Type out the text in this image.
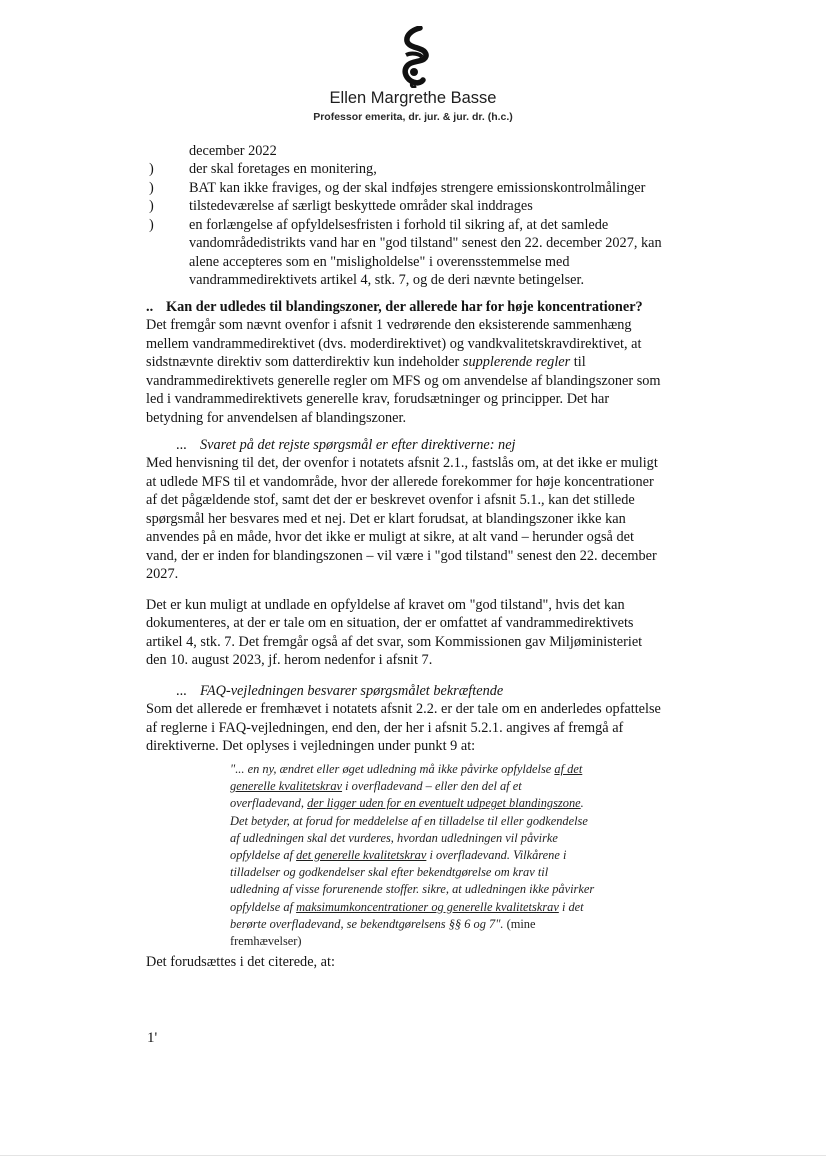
Ellen Margrethe Basse
Professor emerita, dr. jur. & jur. dr. (h.c.)
december 2022
) der skal foretages en monitering,
) BAT kan ikke fraviges, og der skal indføjes strengere emissionskontrolmålinger
) tilstedeværelse af særligt beskyttede områder skal inddrages
) en forlængelse af opfyldelsesfristen i forhold til sikring af, at det samlede
vandområdedistrikts vand har en "god tilstand" senest den 22. december 2027, kan
alene accepteres som en "misligholdelse" i overensstemmelse med
vandrammedirektivets artikel 4, stk. 7, og de deri nævnte betingelser.
.. Kan der udledes til blandingszoner, der allerede har for høje koncentrationer?
Det fremgår som nævnt ovenfor i afsnit 1 vedrørende den eksisterende sammenhæng
mellem vandrammedirektivet (dvs. moderdirektivet) og vandkvalitetskravdirektivet, at
sidstnævnte direktiv som datterdirektiv kun indeholder supplerende regler til
vandrammedirektivets generelle regler om MFS og om anvendelse af blandingszoner som
led i vandrammedirektivets generelle krav, forudsætninger og principper. Det har
betydning for anvendelsen af blandingszoner.
... Svaret på det rejste spørgsmål er efter direktiverne: nej
Med henvisning til det, der ovenfor i notatets afsnit 2.1., fastslås om, at det ikke er muligt
at udlede MFS til et vandområde, hvor der allerede forekommer for høje koncentrationer
af det pågældende stof, samt det der er beskrevet ovenfor i afsnit 5.1., kan det stillede
spørgsmål her besvares med et nej. Det er klart forudsat, at blandingszoner ikke kan
anvendes på en måde, hvor det ikke er muligt at sikre, at alt vand – herunder også det
vand, der er inden for blandingszonen – vil være i "god tilstand" senest den 22. december
2027.
Det er kun muligt at undlade en opfyldelse af kravet om "god tilstand", hvis det kan
dokumenteres, at der er tale om en situation, der er omfattet af vandrammedirektivets
artikel 4, stk. 7. Det fremgår også af det svar, som Kommissionen gav Miljøministeriet
den 10. august 2023, jf. herom nedenfor i afsnit 7.
... FAQ-vejledningen besvarer spørgsmålet bekræftende
Som det allerede er fremhævet i notatets afsnit 2.2. er der tale om en anderledes opfattelse
af reglerne i FAQ-vejledningen, end den, der her i afsnit 5.2.1. angives af fremgå af
direktiverne. Det oplyses i vejledningen under punkt 9 at:
"... en ny, ændret eller øget udledning må ikke påvirke opfyldelse af det
generelle kvalitetskrav i overfladevand – eller den del af et
overfladevand, der ligger uden for en eventuelt udpeget blandingszone.
Det betyder, at forud for meddelelse af en tilladelse til eller godkendelse
af udledningen skal det vurderes, hvordan udledningen vil påvirke
opfyldelse af det generelle kvalitetskrav i overfladevand. Vilkårene i
tilladelser og godkendelser skal efter bekendtgørelse om krav til
udledning af visse forurenende stoffer. sikre, at udledningen ikke påvirker
opfyldelse af maksimumkoncentrationer og generelle kvalitetskrav i det
berørte overfladevand, se bekendtgørelsens §§ 6 og 7". (mine
fremhævelser)
Det forudsættes i det citerede, at:
1'
